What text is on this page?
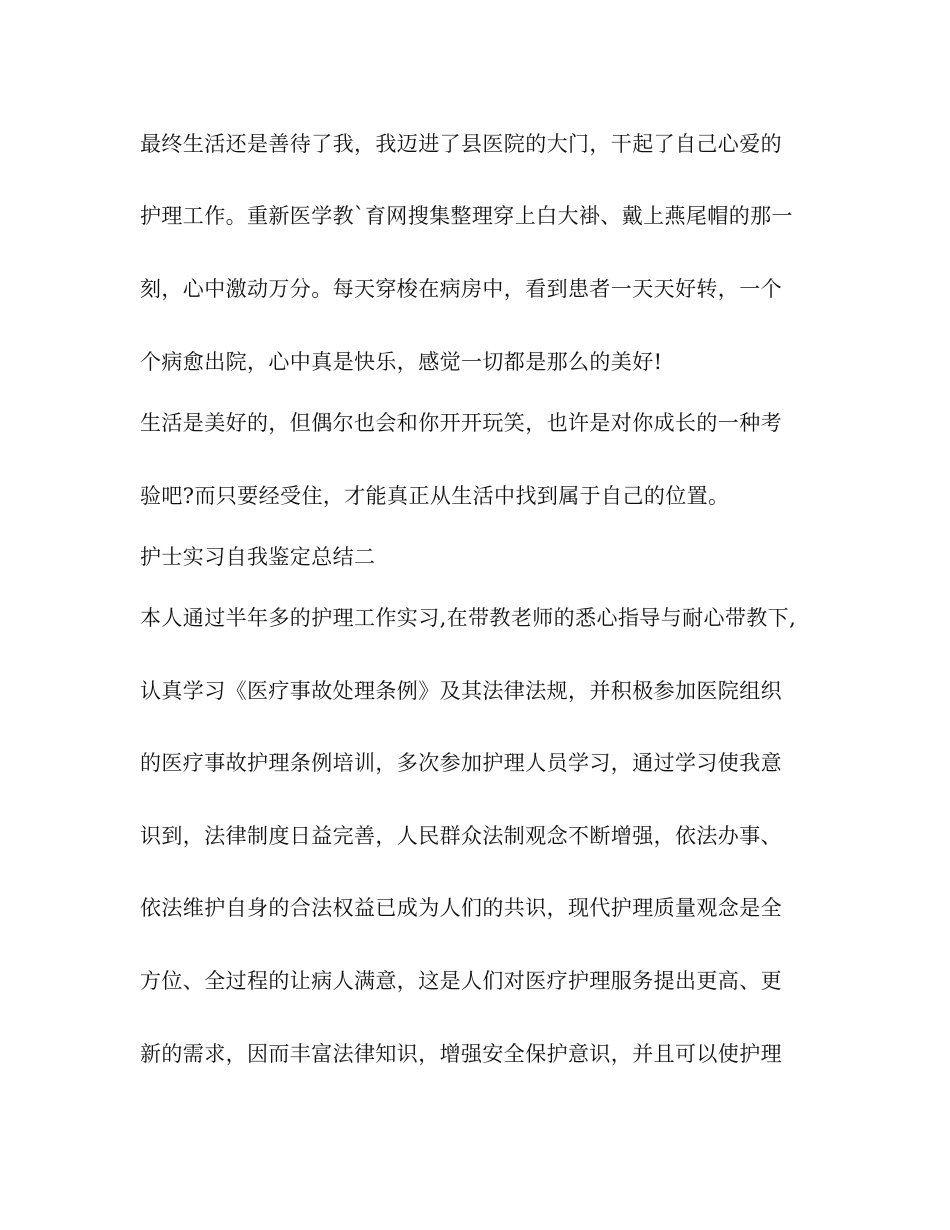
最终生活还是善待了我，我迈进了县医院的大门，干起了自己心爱的
护理工作。重新医学教`育网搜集整理穿上白大褂、戴上燕尾帽的那一
刻，心中激动万分。每天穿梭在病房中，看到患者一天天好转，一个
个病愈出院，心中真是快乐，感觉一切都是那么的美好!
生活是美好的，但偶尔也会和你开开玩笑，也许是对你成长的一种考
验吧?而只要经受住，才能真正从生活中找到属于自己的位置。
护士实习自我鉴定总结二
本人通过半年多的护理工作实习,在带教老师的悉心指导与耐心带教下,
认真学习《医疗事故处理条例》及其法律法规，并积极参加医院组织
的医疗事故护理条例培训，多次参加护理人员学习，通过学习使我意
识到，法律制度日益完善，人民群众法制观念不断增强，依法办事、
依法维护自身的合法权益已成为人们的共识，现代护理质量观念是全
方位、全过程的让病人满意，这是人们对医疗护理服务提出更高、更
新的需求，因而丰富法律知识，增强安全保护意识，并且可以使护理
